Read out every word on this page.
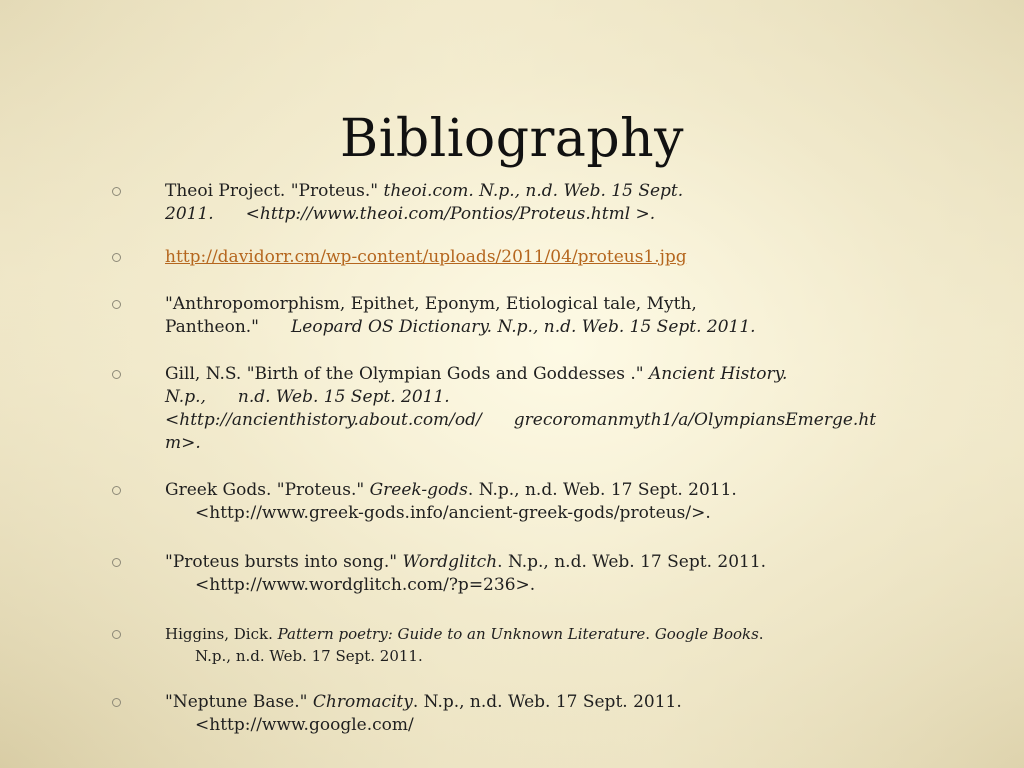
Bibliography
Theoi Project. "Proteus." theoi.com. N.p., n.d. Web. 15 Sept.
2011. <http://www.theoi.com/Pontios/Proteus.html >.
http://davidorr.cm/wp-content/uploads/2011/04/proteus1.jpg
"Anthropomorphism, Epithet, Eponym, Etiological tale, Myth,
Pantheon." Leopard OS Dictionary. N.p., n.d. Web. 15 Sept. 2011.
Gill, N.S. "Birth of the Olympian Gods and Goddesses ." Ancient History.
N.p., n.d. Web. 15 Sept. 2011.
<http://ancienthistory.about.com/od/ grecoromanmyth1/a/OlympiansEmerge.ht
m>.
Greek Gods. "Proteus." Greek-gods. N.p., n.d. Web. 17 Sept. 2011.
<http://www.greek-gods.info/ancient-greek-gods/proteus/>.
"Proteus bursts into song." Wordglitch. N.p., n.d. Web. 17 Sept. 2011.
<http://www.wordglitch.com/?p=236>.
Higgins, Dick. Pattern poetry: Guide to an Unknown Literature. Google Books.
N.p., n.d. Web. 17 Sept. 2011.
"Neptune Base." Chromacity. N.p., n.d. Web. 17 Sept. 2011.
<http://www.google.com/
